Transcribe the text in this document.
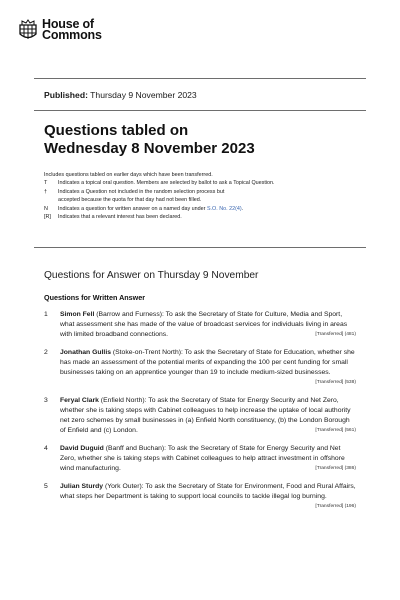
House of
Commons
Published: Thursday 9 November 2023
Questions tabled on
Wednesday 8 November 2023
Includes questions tabled on earlier days which have been transferred.
T	Indicates a topical oral question. Members are selected by ballot to ask a Topical Question.
†	Indicates a Question not included in the random selection process but
accepted because the quota for that day had not been filled.
N	Indicates a question for written answer on a named day under S.O. No. 22(4).
[R]	Indicates that a relevant interest has been declared.
Questions for Answer on Thursday 9 November
Questions for Written Answer
1 Simon Fell (Barrow and Furness): To ask the Secretary of State for Culture, Media and Sport, what assessment she has made of the value of broadcast services for individuals living in areas with limited broadband connections.	[Transferred] (481)
2 Jonathan Gullis (Stoke-on-Trent North): To ask the Secretary of State for Education, whether she has made an assessment of the potential merits of expanding the 100 per cent funding for small businesses taking on an apprentice younger than 19 to include medium-sized businesses.
[Transferred] (538)
3 Feryal Clark (Enfield North): To ask the Secretary of State for Energy Security and Net Zero, whether she is taking steps with Cabinet colleagues to help increase the uptake of local authority net zero schemes by small businesses in (a) Enfield North constituency, (b) the London Borough of Enfield and (c) London.	[Transferred] (561)
4 David Duguid (Banff and Buchan): To ask the Secretary of State for Energy Security and Net Zero, whether she is taking steps with Cabinet colleagues to help attract investment in offshore wind manufacturing.	[Transferred] (386)
5 Julian Sturdy (York Outer): To ask the Secretary of State for Environment, Food and Rural Affairs, what steps her Department is taking to support local councils to tackle illegal log burning.
[Transferred] (196)
